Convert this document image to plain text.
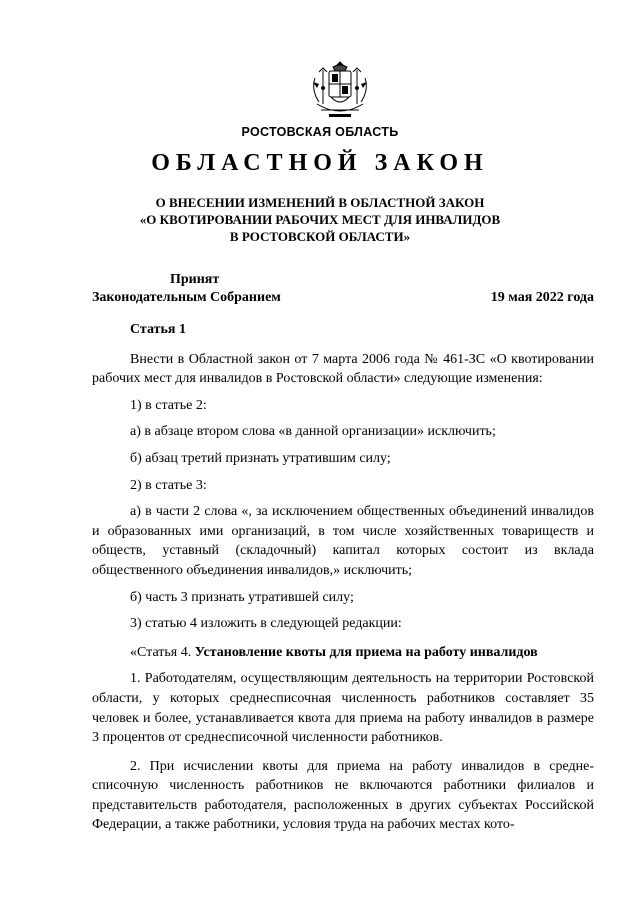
РОСТОВСКАЯ ОБЛАСТЬ
ОБЛАСТНОЙ ЗАКОН
О ВНЕСЕНИИ ИЗМЕНЕНИЙ В ОБЛАСТНОЙ ЗАКОН
«О КВОТИРОВАНИИ РАБОЧИХ МЕСТ ДЛЯ ИНВАЛИДОВ
В РОСТОВСКОЙ ОБЛАСТИ»
Принят
Законодательным Собранием	19 мая 2022 года

Статья 1

Внести в Областной закон от 7 марта 2006 года № 461-ЗС «О квотировании рабочих мест для инвалидов в Ростовской области» следующие изменения:

1) в статье 2:

а) в абзаце втором слова «в данной организации» исключить;

б) абзац третий признать утратившим силу;

2) в статье 3:

а) в части 2 слова «, за исключением общественных объединений инвалидов и образованных ими организаций, в том числе хозяйственных товариществ и обществ, уставный (складочный) капитал которых состоит из вклада общественного объединения инвалидов,» исключить;

б) часть 3 признать утратившей силу;

3) статью 4 изложить в следующей редакции:

«Статья 4. Установление квоты для приема на работу инвалидов

1. Работодателям, осуществляющим деятельность на территории Ростовской области, у которых среднесписочная численность работников составляет 35 человек и более, устанавливается квота для приема на работу инвалидов в размере 3 процентов от среднесписочной численности работников.

2. При исчислении квоты для приема на работу инвалидов в среднесписочную численность работников не включаются работники филиалов и представительств работодателя, расположенных в других субъектах Российской Федерации, а также работники, условия труда на рабочих местах кото-
